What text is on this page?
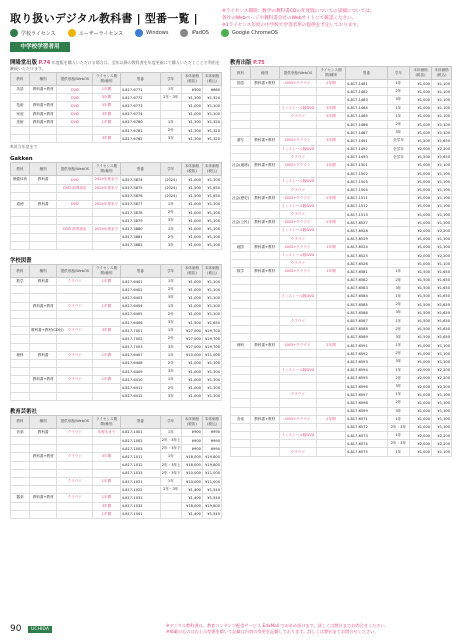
取り扱いデジタル教科書 | 型番一覧 |
※ライセンス期間：数学の教科書CDの年度版についての詳細については、
各社のWebページや教科書会社のWebサイトにて確認ください。
※1ライセンス年度の中学校で学習者用の提供を予定しております。
学校ライセンス	ユーザーライセンス	Windows	iPadOS	Google ChromeOS
中学校学習者用
開隆堂出版 P.74 年度版を購入いただける場合は、翌年以降の教科書を年度更新にて購入いただくことで利用を継続いただけます。
教科	種別	提供形態/WebOS	ライセンス期間/種別	型番	学年	本体価格(税抜)	本体価格(税込)
英語	教科書+教材	DVD	1年間	4-817-6771	1年	¥500	¥660
		DVD	3年間	4-817-6772	2年・3年	¥1,200	¥1,320
技術	教科書+教材	DVD	3年間	4-817-6773		¥1,000	¥1,100
家庭	教科書+教材	DVD	3年間	4-817-6774		¥1,000	¥1,100
美術	教科書+教材	DVD	1年間	4-817-6780	1年	¥1,200	¥1,320
				4-817-6781	2年	¥1,200	¥1,320
			3年間	4-817-6782	3年	¥1,200	¥1,320
※該当年度まで
Gakken
教科	種別	提供形態/WebOS	ライセンス期間/種別	型番	学年	本体価格(税抜)	本体価格(税込)
保健体育	教科書	DVD	2024年度まで	4-817-3874	(2024)	¥1,000	¥1,100
		DVD 指導者用	2024年度まで	4-817-3875	(2024)	¥1,500	¥1,650
				4-817-3876	(2024)	¥1,500	¥1,650
道徳	教科書	DVD	2024年度まで	4-817-3877	1年	¥1,000	¥1,100
				4-817-3878	2年	¥1,000	¥1,100
				4-817-3879	3年	¥1,000	¥1,100
		DVD 指導者用	2024年度まで	4-817-3880	1年	¥1,000	¥1,100
				4-817-3881	2年	¥1,000	¥1,100
				4-817-3882	3年	¥1,000	¥1,100
学校図書
教科	種別	提供形態/WebOS	ライセンス期間/種別	型番	学年	本体価格(税抜)	本体価格(税込)
数学	教科書	クラウド	1年間	4-817-6401	1年	¥1,000	¥1,100
				4-817-6402	2年	¥1,000	¥1,100
				4-817-6403	3年	¥1,000	¥1,100
	教科書+教材	クラウド	1年間	4-817-6404	1年	¥1,000	¥1,100
				4-817-6405	2年	¥1,000	¥1,100
				4-817-6406	3年	¥1,500	¥1,650
	教科書+教材(CD付)	クラウド	3年間	4-817-7001	1年	¥27,000	¥29,700
				4-817-7002	2年	¥27,000	¥29,700
				4-817-7003	3年	¥27,000	¥29,700
理科	教科書	クラウド	1年間	4-817-6407	1年	¥10,000	¥11,000
				4-817-6408	2年	¥1,000	¥1,100
				4-817-6409	3年	¥1,000	¥1,100
	教科書+教材	クラウド	1年間	4-817-6410	1年	¥1,000	¥1,100
				4-817-6411	2年	¥1,000	¥1,100
				4-817-6412	3年	¥1,000	¥1,100
教育芸術社
教科	種別	提供形態/WebOS	ライセンス期間/種別	型番	学年	本体価格(税抜)	本体価格(税込)
音楽	教科書	クラウド	年度末まで	4-817-1001	1年	¥900	¥990
				4-817-1002	2年・3年上	¥900	¥990
				4-817-1003	2年・3年下	¥900	¥990
	教科書+教材	クラウド	3年間	4-817-1011	1年	¥18,000	¥19,800
				4-817-1012	2年・3年上	¥18,000	¥19,800
				4-817-1013	2年・3年下	¥10,000	¥11,000
		クラウド	1年間	4-817-1021	1年	¥10,000	¥11,000
				4-817-1022	2年・3年	¥1,400	¥1,540
器楽	教科書+教材	クラウド	1年間	4-817-1031		¥1,400	¥1,540
			3年間	4-817-1032		¥18,000	¥19,800
			1年間	4-817-1041		¥1,400	¥1,540
教育出版 P.75
教科	種別	提供形態/WebOS	ライセンス期間/種別	型番	学年	本体価格(税抜)	本体価格(税込)
国語	教科書+教材	DVD+クラウド	1年間	4-817-1481	1年	¥1,000	¥1,100
				4-817-1482	2年	¥1,000	¥1,100
				4-817-1483	3年	¥1,000	¥1,100
		インストール版DVD	1年間	4-817-1484	1年	¥1,000	¥1,100
		クラウド	1年間	4-817-1485	1年	¥1,000	¥1,100
				4-817-1486	2年	¥1,000	¥1,100
				4-817-1487	3年	¥1,000	¥1,100
書写	教科書+教材	DVD+クラウド	1年間	4-817-1491	全学年	¥1,500	¥1,650
		インストール版DVD		4-817-1492	全学年	¥2,000	¥2,200
		クラウド		4-817-1493	全学年	¥1,500	¥1,650
社会(地理)	教科書+教材	DVD+クラウド	1年間	4-817-1501		¥1,000	¥1,100
				4-817-1502		¥1,000	¥1,100
		インストール版DVD		4-817-1503		¥1,000	¥1,100
		クラウド		4-817-1504		¥1,000	¥1,100
社会(歴史)	教科書+教材	DVD+クラウド	1年間	4-817-1511		¥1,000	¥1,100
		インストール版DVD		4-817-1512		¥1,000	¥1,100
		クラウド		4-817-1513		¥1,000	¥1,100
社会(公民)	教科書+教材	DVD+クラウド	1年間	4-817-6527		¥1,000	¥1,100
		インストール版DVD		4-817-6528		¥2,000	¥2,200
		クラウド		4-817-6529		¥1,000	¥1,100
地図	教科書+教材	DVD+クラウド	1年間	4-817-6524		¥1,000	¥1,100
		インストール版DVD		4-817-6525		¥2,000	¥2,200
		クラウド		4-817-6526		¥1,000	¥1,100
数学	教科書+教材	DVD+クラウド	1年間	4-817-6581	1年	¥1,500	¥1,650
				4-817-6582	2年	¥1,500	¥1,650
				4-817-6583	3年	¥1,500	¥1,650
		インストール版DVD		4-817-6584	1年	¥1,500	¥1,650
				4-817-6585	2年	¥1,500	¥1,650
				4-817-6586	3年	¥1,500	¥1,650
		クラウド		4-817-6587	1年	¥1,500	¥1,650
				4-817-6588	2年	¥1,500	¥1,650
				4-817-6589	3年	¥1,500	¥1,650
理科	教科書+教材	DVD+クラウド	1年間	4-817-6591	1年	¥1,000	¥1,100
				4-817-6592	2年	¥1,000	¥1,100
				4-817-6593	3年	¥1,000	¥1,100
		インストール版DVD		4-817-6594	1年	¥2,000	¥2,200
				4-817-6595	2年	¥2,000	¥2,200
				4-817-6596	3年	¥2,000	¥2,200
		クラウド		4-817-6597	1年	¥1,000	¥1,100
				4-817-6598	2年	¥1,000	¥1,100
				4-817-6599	3年	¥1,000	¥1,100
音楽	教科書+教材	DVD+クラウド	1年間	4-817-6571	1年	¥1,000	¥1,100
				4-817-6572	2年・3年	¥1,000	¥1,100
		インストール版DVD		4-817-6573	1年	¥2,000	¥2,200
				4-817-6574	2年・3年	¥2,000	¥2,200
		クラウド		4-817-6575	1年	¥1,000	¥1,100
90	UCHIDA
※デジタル教科書は、教育コンテンツ配信サービス EduMall でお求め頂けます。詳しくは弊社までお問合せください。
※掲載のものは右上の型番を除いて記載は内容の変更を記載しております。詳しくは弊社までお問合せください。
